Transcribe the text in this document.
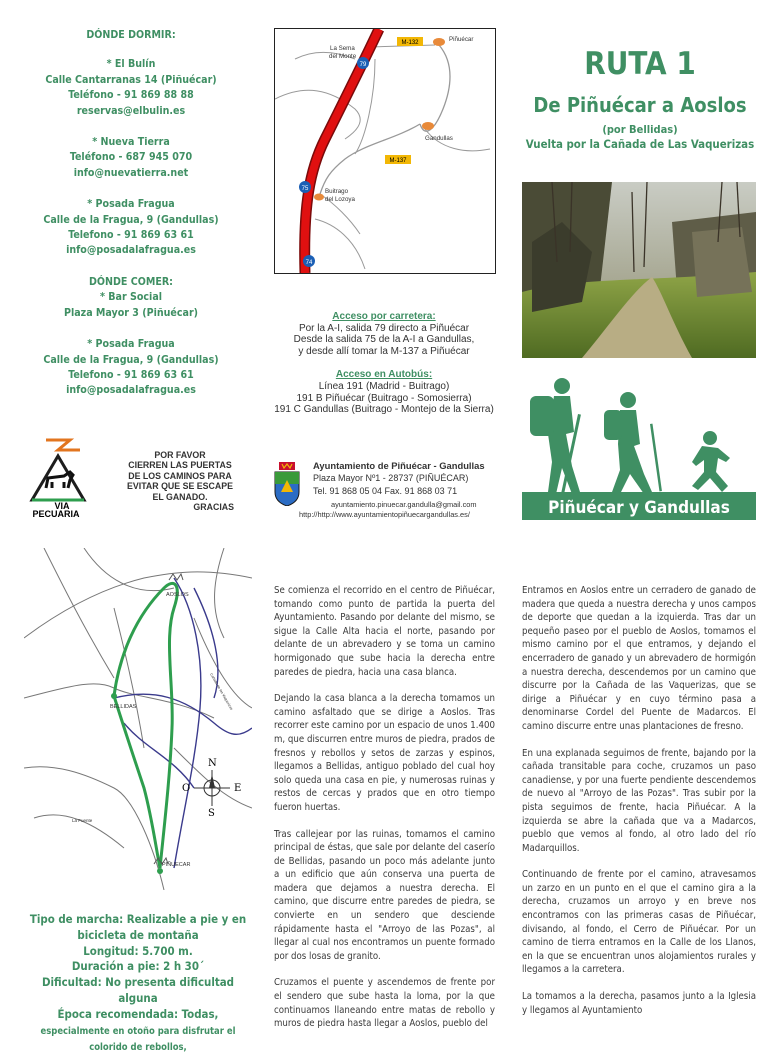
DÓNDE DORMIR:
* El Bulín
Calle Cantarranas 14 (Piñuécar)
Teléfono - 91 869 88 88
reservas@elbulin.es
* Nueva Tierra
Teléfono - 687 945 070
info@nuevatierra.net
* Posada Fragua
Calle de la Fragua, 9 (Gandullas)
Telefono - 91 869 63 61
info@posadalafragua.es
DÓNDE COMER:
* Bar Social
Plaza Mayor 3 (Piñuécar)
* Posada Fragua
Calle de la Fragua, 9 (Gandullas)
Telefono - 91 869 63 61
info@posadalafragua.es
M-132
M-137
79
75
74
La Sema
del Monte
Piñuécar
Gandullas
Buitrago
del Lozoya
Acceso por carretera:
Por la A-I, salida 79 directo a Piñuécar
Desde la salida 75 de la A-I a Gandullas,
y desde allí tomar la M-137 a Piñuécar
Acceso en Autobús:
Línea 191 (Madrid - Buitrago)
191 B Piñuécar (Buitrago - Somosierra)
191 C Gandullas (Buitrago - Montejo de la Sierra)
VIA
PECUARIA
POR FAVOR
CIERREN LAS PUERTAS
DE LOS CAMINOS PARA
EVITAR QUE SE ESCAPE
EL GANADO.
GRACIAS
Ayuntamiento de Piñuécar - Gandullas
Plaza Mayor Nº1 - 28737 (PIÑUÉCAR)
Tel. 91 868 05 04 Fax. 91 868 03 71
ayuntamiento.pinuecar.gandulla@gmail.com
http://http://www.ayuntamientopiñuecargandullas.es/
RUTA 1
De Piñuécar a Aoslos
(por Bellidas)
Vuelta por la Cañada de Las Vaquerizas
Piñuécar y Gandullas
AOSLOS
BELLIDAS
PIÑUECAR
La Fuente
Cañada de las Vaquerizas
N
S
E
O
Tipo de marcha: Realizable a pie y en bicicleta de montaña
Longitud: 5.700 m.
Duración a pie: 2 h 30´
Dificultad: No presenta dificultad alguna
Época recomendada: Todas, especialmente en otoño para disfrutar el colorido de rebollos,

Se comienza el recorrido en el centro de Piñuécar, tomando como punto de partida la puerta del Ayuntamiento. Pasando por delante del mismo, se sigue la Calle Alta hacia el norte, pasando por delante de un abrevadero y se toma un camino hormigonado que sube hacia la derecha entre paredes de piedra, hacia una casa blanca.

Dejando la casa blanca a la derecha tomamos un camino asfaltado que se dirige a Aoslos. Tras recorrer este camino por un espacio de unos 1.400 m, que discurren entre muros de piedra, prados de fresnos y rebollos y setos de zarzas y espinos, llegamos a Bellidas, antiguo poblado del cual hoy solo queda una casa en pie, y numerosas ruinas y restos de cercas y prados que en otro tiempo fueron huertas.

Tras callejear por las ruinas, tomamos el camino principal de éstas, que sale por delante del caserío de Bellidas, pasando un poco más adelante junto a un edificio que aún conserva una puerta de madera que dejamos a nuestra derecha. El camino, que discurre entre paredes de piedra, se convierte en un sendero que desciende rápidamente hasta el "Arroyo de las Pozas", al llegar al cual nos encontramos un puente formado por dos losas de granito.

Cruzamos el puente y ascendemos de frente por el sendero que sube hasta la loma, por la que continuamos llaneando entre matas de rebollo y muros de piedra hasta llegar a Aoslos, pueblo del

Entramos en Aoslos entre un cerradero de ganado de madera que queda a nuestra derecha y unos campos de deporte que quedan a la izquierda. Tras dar un pequeño paseo por el pueblo de Aoslos, tomamos el mismo camino por el que entramos, y dejando el encerradero de ganado y un abrevadero de hormigón a nuestra derecha, descendemos por un camino que discurre por la Cañada de las Vaquerizas, que se dirige a Piñuécar y en cuyo término pasa a denominarse Cordel del Puente de Madarcos. El camino discurre entre unas plantaciones de fresno.

En una explanada seguimos de frente, bajando por la cañada transitable para coche, cruzamos un paso canadiense, y por una fuerte pendiente descendemos de nuevo al "Arroyo de las Pozas". Tras subir por la pista seguimos de frente, hacia Piñuécar. A la izquierda se abre la cañada que va a Madarcos, pueblo que vemos al fondo, al otro lado del río Madarquillos.

Continuando de frente por el camino, atravesamos un zarzo en un punto en el que el camino gira a la derecha, cruzamos un arroyo y en breve nos encontramos con las primeras casas de Piñuécar, divisando, al fondo, el Cerro de Piñuécar. Por un camino de tierra entramos en la Calle de los Llanos, en la que se encuentran unos alojamientos rurales y llegamos a la carretera.

La tomamos a la derecha, pasamos junto a la Iglesia y llegamos al Ayuntamiento
